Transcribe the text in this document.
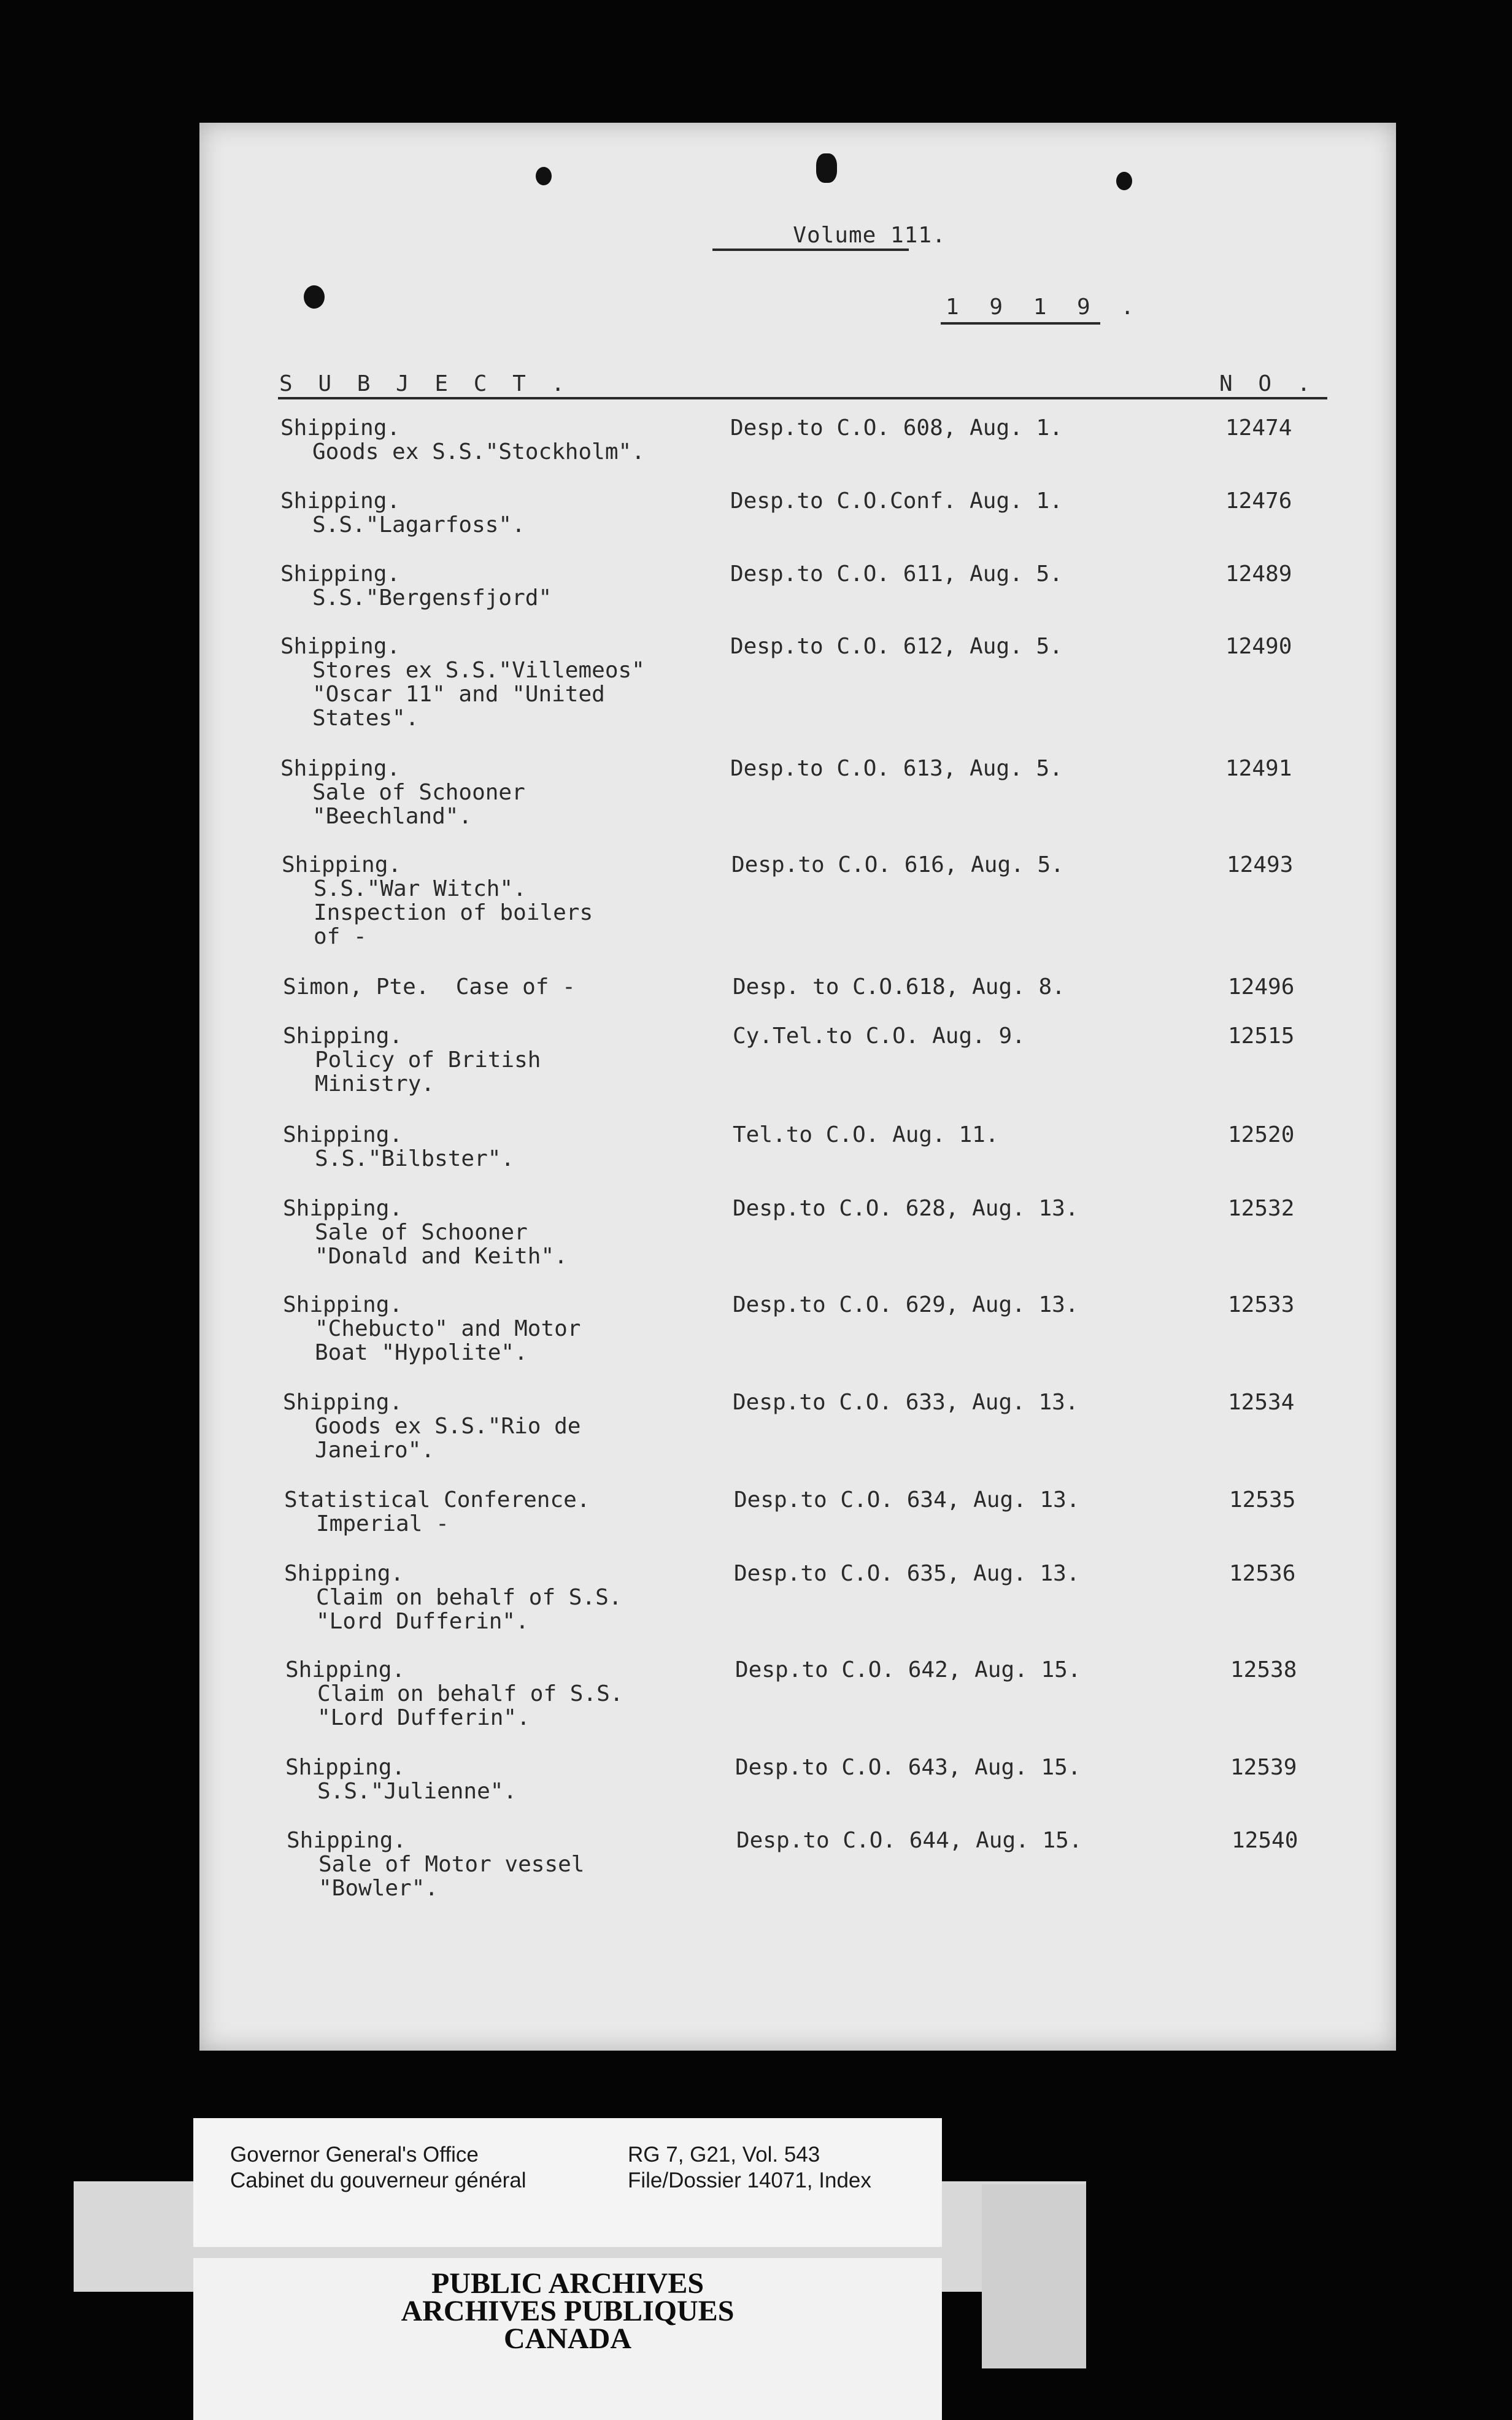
Volume 111.
1 9 1 9 .
S U B J E C T .	N O .
Shipping.
Goods ex S.S."Stockholm".
Desp.to C.O. 608, Aug. 1.	12474
Shipping.
S.S."Lagarfoss".
Desp.to C.O.Conf. Aug. 1.	12476
Shipping.
S.S."Bergensfjord"
Desp.to C.O. 611, Aug. 5.	12489
Shipping.
Stores ex S.S."Villemeos"
"Oscar 11" and "United
States".
Desp.to C.O. 612, Aug. 5.	12490
Shipping.
Sale of Schooner
"Beechland".
Desp.to C.O. 613, Aug. 5.	12491
Shipping.
S.S."War Witch".
Inspection of boilers
of -
Desp.to C.O. 616, Aug. 5.	12493
Simon, Pte.  Case of -	Desp. to C.O.618, Aug. 8.	12496
Shipping.
Policy of British
Ministry.
Cy.Tel.to C.O. Aug. 9.	12515
Shipping.
S.S."Bilbster".
Tel.to C.O. Aug. 11.	12520
Shipping.
Sale of Schooner
"Donald and Keith".
Desp.to C.O. 628, Aug. 13.	12532
Shipping.
"Chebucto" and Motor
Boat "Hypolite".
Desp.to C.O. 629, Aug. 13.	12533
Shipping.
Goods ex S.S."Rio de
Janeiro".
Desp.to C.O. 633, Aug. 13.	12534
Statistical Conference.
Imperial -
Desp.to C.O. 634, Aug. 13.	12535
Shipping.
Claim on behalf of S.S.
"Lord Dufferin".
Desp.to C.O. 635, Aug. 13.	12536
Shipping.
Claim on behalf of S.S.
"Lord Dufferin".
Desp.to C.O. 642, Aug. 15.	12538
Shipping.
S.S."Julienne".
Desp.to C.O. 643, Aug. 15.	12539
Shipping.
Sale of Motor vessel
"Bowler".
Desp.to C.O. 644, Aug. 15.	12540
Governor General's Office
Cabinet du gouverneur général
RG 7, G21, Vol. 543
File/Dossier 14071, Index
PUBLIC ARCHIVES
ARCHIVES PUBLIQUES
CANADA
